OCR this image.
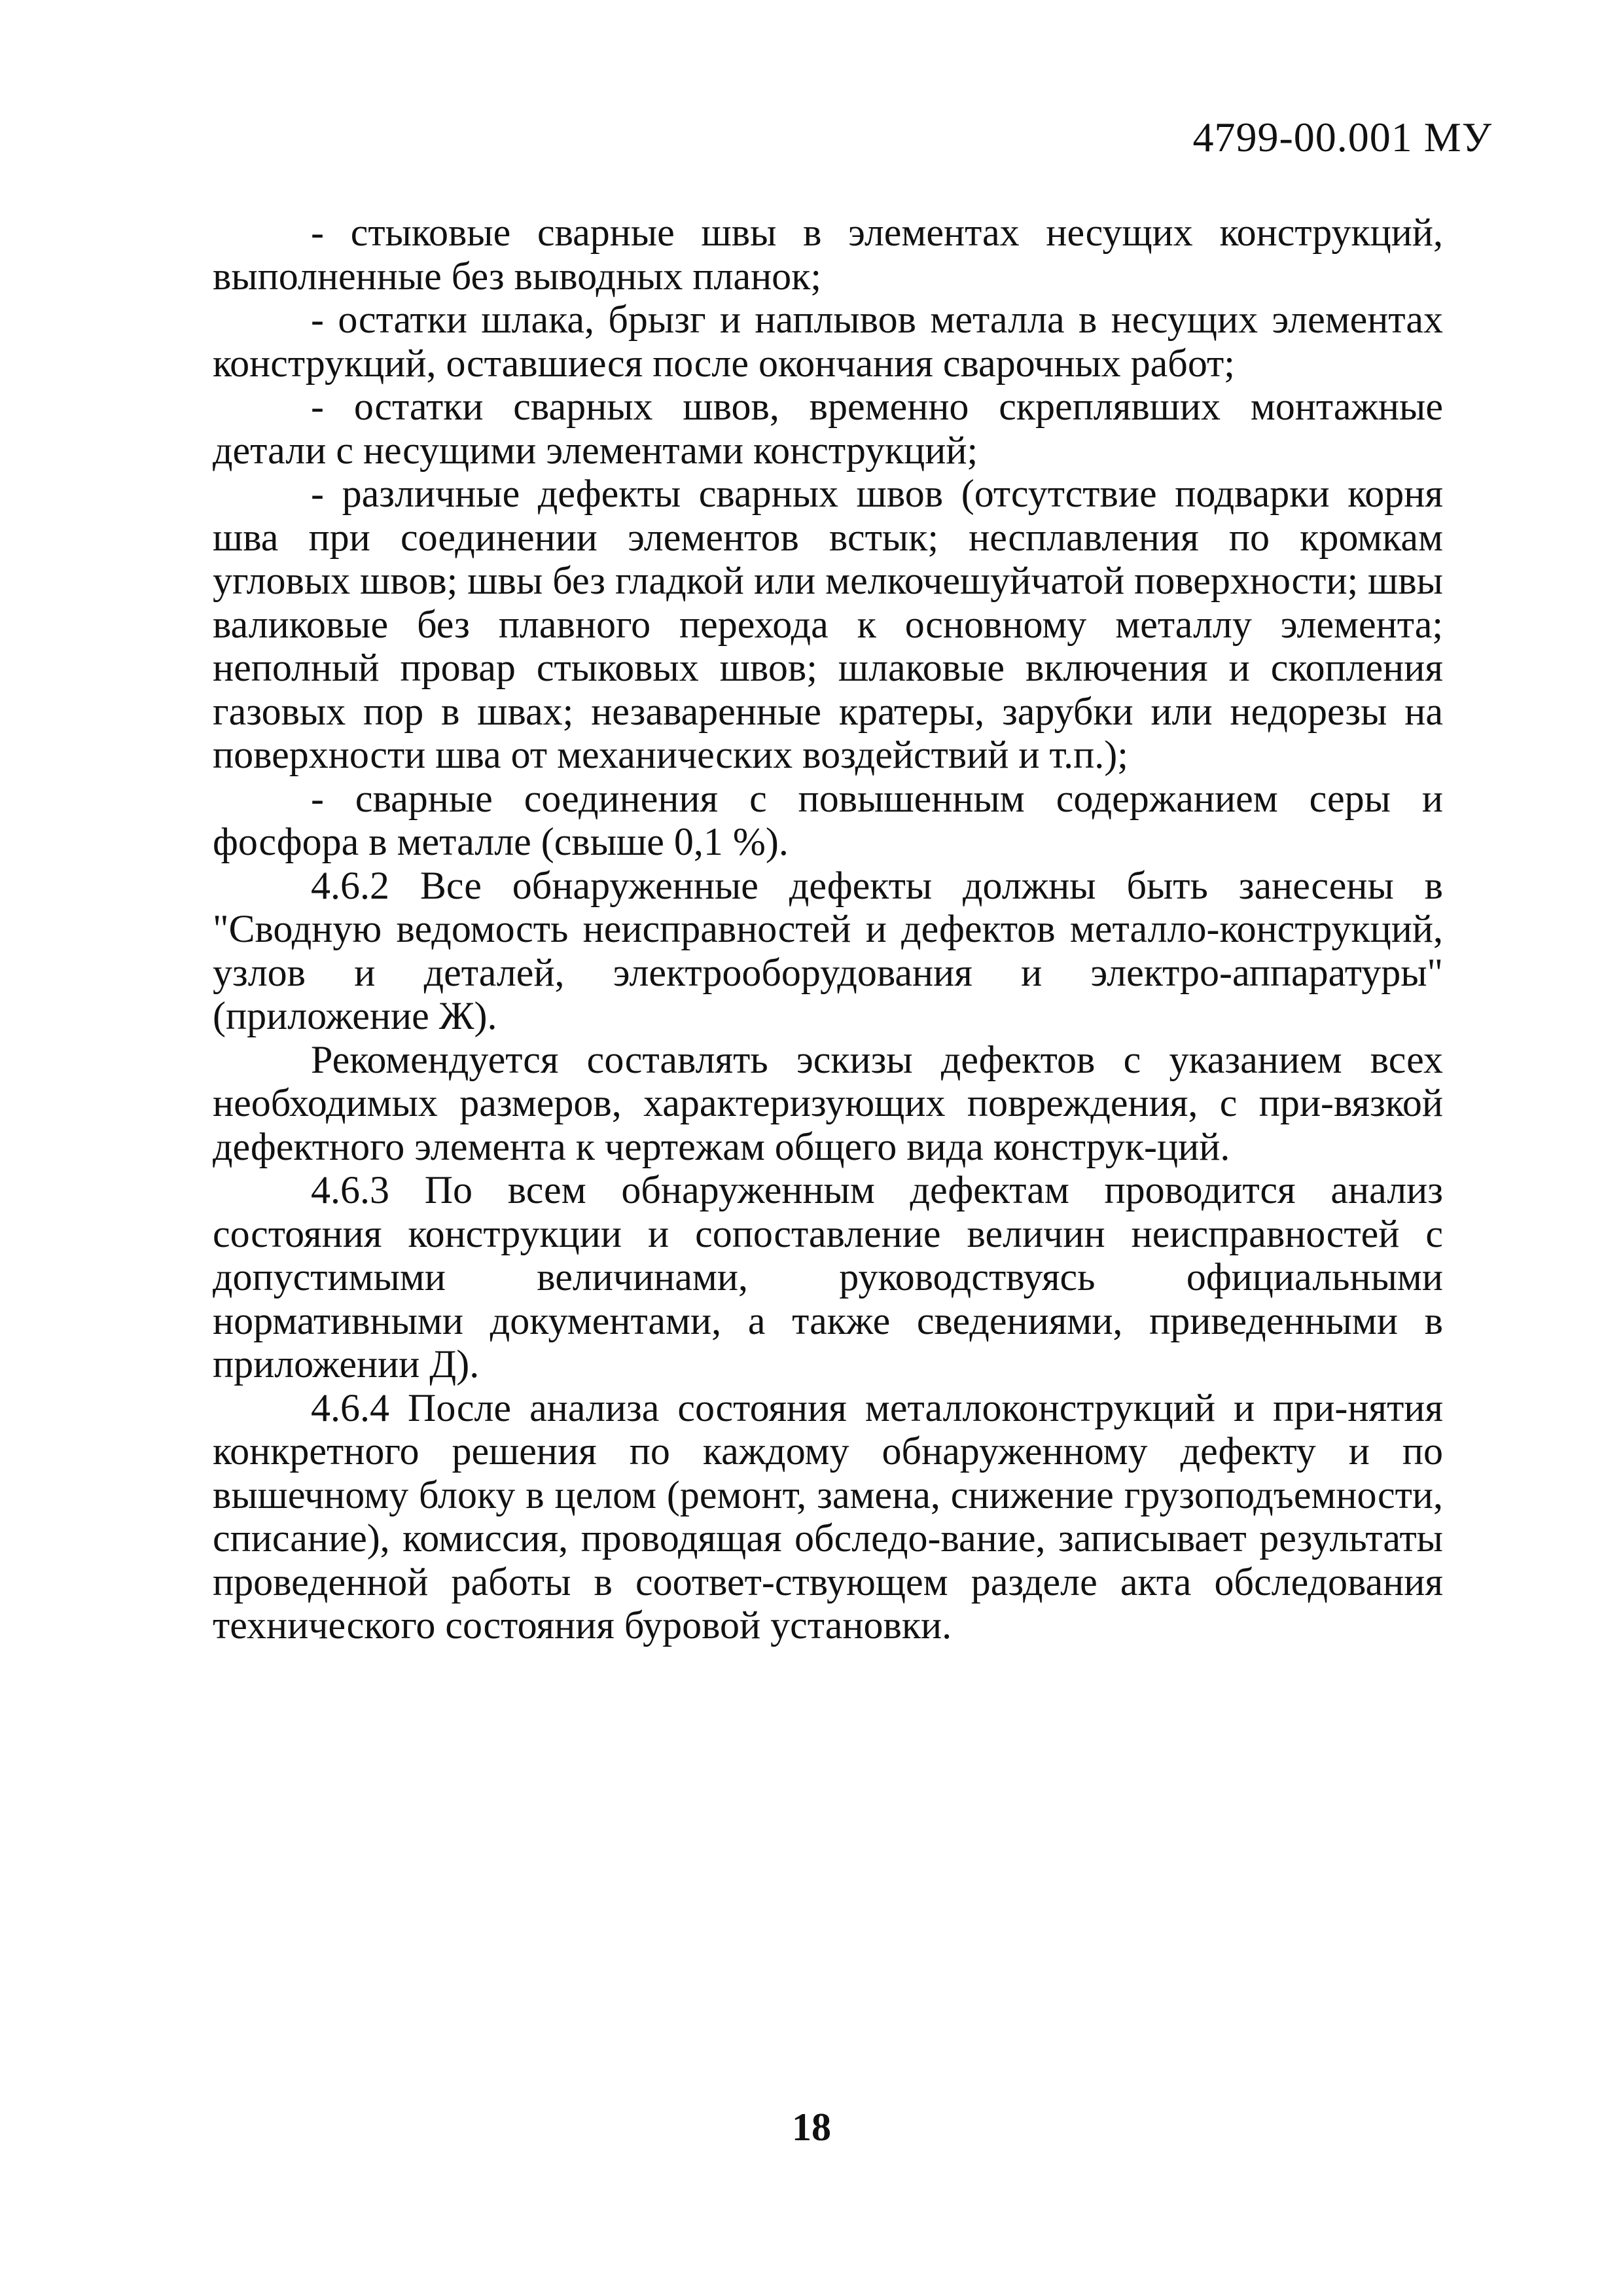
4799-00.001 МУ

- стыковые сварные швы в элементах несущих конструкций, выполненные без выводных планок;

- остатки шлака, брызг и наплывов металла в несущих элементах конструкций, оставшиеся после окончания сварочных работ;

- остатки сварных швов, временно скреплявших монтажные детали с несущими элементами конструкций;

- различные дефекты сварных швов (отсутствие подварки корня шва при соединении элементов встык; несплавления по кромкам угловых швов; швы без гладкой или мелкочешуйчатой поверхности; швы валиковые без плавного перехода к основному металлу элемента; неполный провар стыковых швов; шлаковые включения и скопления газовых пор в швах; незаваренные кратеры, зарубки или недорезы на поверхности шва от механических воздействий и т.п.);

- сварные соединения с повышенным содержанием серы и фосфора в металле (свыше 0,1 %).

4.6.2 Все обнаруженные дефекты должны быть занесены в "Сводную ведомость неисправностей и дефектов металло-конструкций, узлов и деталей, электрооборудования и электро-аппаратуры" (приложение Ж).

Рекомендуется составлять эскизы дефектов с указанием всех необходимых размеров, характеризующих повреждения, с при-вязкой дефектного элемента к чертежам общего вида конструк-ций.

4.6.3 По всем обнаруженным дефектам проводится анализ состояния конструкции и сопоставление величин неисправностей с допустимыми величинами, руководствуясь официальными нормативными документами, а также сведениями, приведенными в приложении Д).

4.6.4 После анализа состояния металлоконструкций и при-нятия конкретного решения по каждому обнаруженному дефекту и по вышечному блоку в целом (ремонт, замена, снижение грузоподъемности, списание), комиссия, проводящая обследо-вание, записывает результаты проведенной работы в соответ-ствующем разделе акта обследования технического состояния буровой установки.

18
